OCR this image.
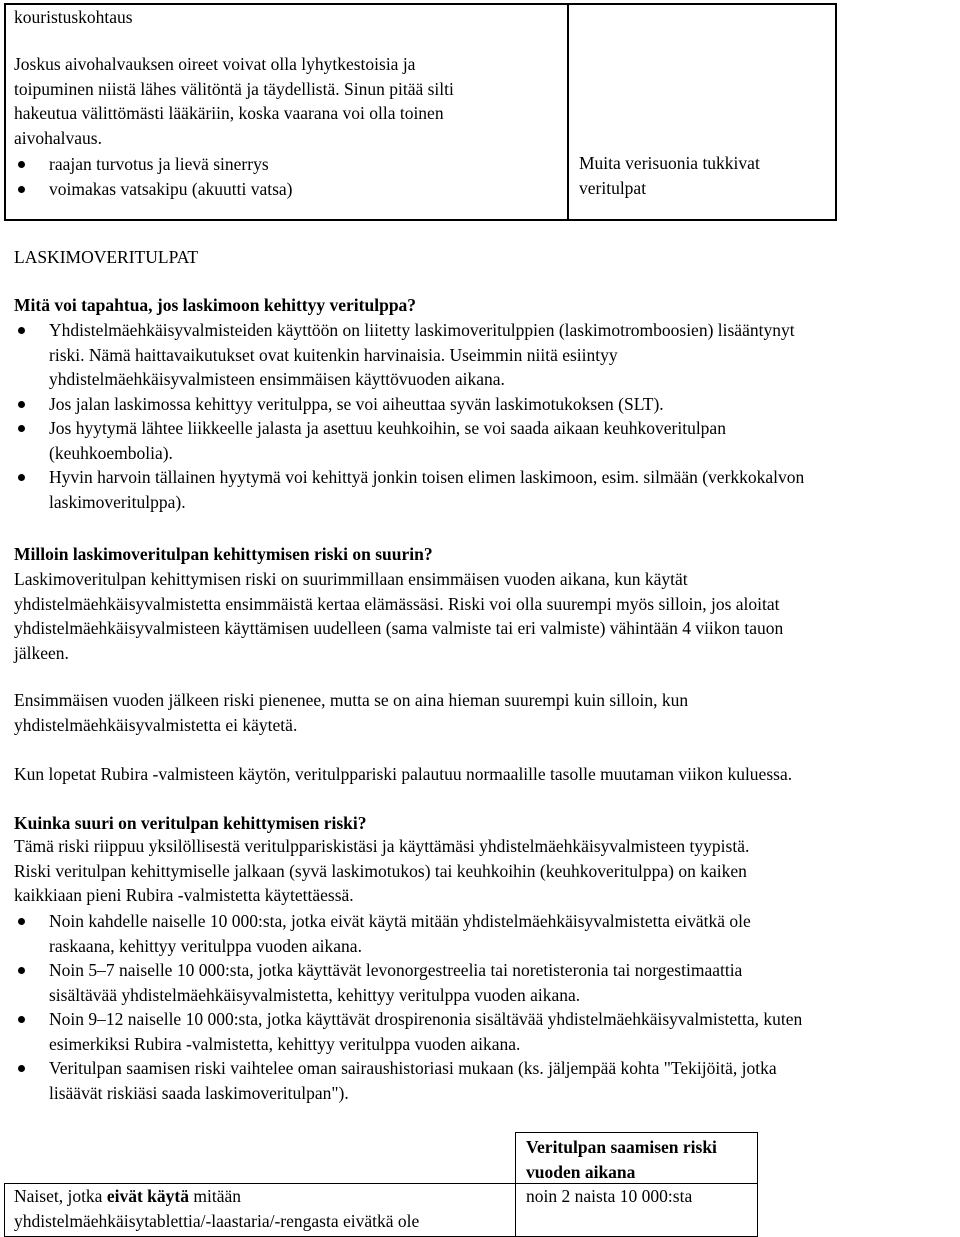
kouristuskohtaus
Joskus aivohalvauksen oireet voivat olla lyhytkestoisia ja
toipuminen niistä lähes välitöntä ja täydellistä. Sinun pitää silti
hakeutua välittömästi lääkäriin, koska vaarana voi olla toinen
aivohalvaus.
raajan turvotus ja lievä sinerrys
voimakas vatsakipu (akuutti vatsa)
Muita verisuonia tukkivat
veritulpat
LASKIMOVERITULPAT
Mitä voi tapahtua, jos laskimoon kehittyy veritulppa?
Yhdistelmäehkäisyvalmisteiden käyttöön on liitetty laskimoveritulppien (laskimotromboosien) lisääntynyt
riski. Nämä haittavaikutukset ovat kuitenkin harvinaisia. Useimmin niitä esiintyy
yhdistelmäehkäisyvalmisteen ensimmäisen käyttövuoden aikana.
Jos jalan laskimossa kehittyy veritulppa, se voi aiheuttaa syvän laskimotukoksen (SLT).
Jos hyytymä lähtee liikkeelle jalasta ja asettuu keuhkoihin, se voi saada aikaan keuhkoveritulpan
(keuhkoembolia).
Hyvin harvoin tällainen hyytymä voi kehittyä jonkin toisen elimen laskimoon, esim. silmään (verkkokalvon
laskimoveritulppa).
Milloin laskimoveritulpan kehittymisen riski on suurin?
Laskimoveritulpan kehittymisen riski on suurimmillaan ensimmäisen vuoden aikana, kun käytät
yhdistelmäehkäisyvalmistetta ensimmäistä kertaa elämässäsi. Riski voi olla suurempi myös silloin, jos aloitat
yhdistelmäehkäisyvalmisteen käyttämisen uudelleen (sama valmiste tai eri valmiste) vähintään 4 viikon tauon
jälkeen.
Ensimmäisen vuoden jälkeen riski pienenee, mutta se on aina hieman suurempi kuin silloin, kun
yhdistelmäehkäisyvalmistetta ei käytetä.
Kun lopetat Rubira -valmisteen käytön, veritulppariski palautuu normaalille tasolle muutaman viikon kuluessa.
Kuinka suuri on veritulpan kehittymisen riski?
Tämä riski riippuu yksilöllisestä veritulppariskistäsi ja käyttämäsi yhdistelmäehkäisyvalmisteen tyypistä.
Riski veritulpan kehittymiselle jalkaan (syvä laskimotukos) tai keuhkoihin (keuhkoveritulppa) on kaiken
kaikkiaan pieni Rubira -valmistetta käytettäessä.
Noin kahdelle naiselle 10 000:sta, jotka eivät käytä mitään yhdistelmäehkäisyvalmistetta eivätkä ole
raskaana, kehittyy veritulppa vuoden aikana.
Noin 5–7 naiselle 10 000:sta, jotka käyttävät levonorgestreelia tai noretisteronia tai norgestimaattia
sisältävää yhdistelmäehkäisyvalmistetta, kehittyy veritulppa vuoden aikana.
Noin 9–12 naiselle 10 000:sta, jotka käyttävät drospirenonia sisältävää yhdistelmäehkäisyvalmistetta, kuten
esimerkiksi Rubira -valmistetta, kehittyy veritulppa vuoden aikana.
Veritulpan saamisen riski vaihtelee oman sairaushistoriasi mukaan (ks. jäljempää kohta "Tekijöitä, jotka
lisäävät riskiäsi saada laskimoveritulpan").
Veritulpan saamisen riski
vuoden aikana
Naiset, jotka eivät käytä mitään
yhdistelmäehkäisytablettia/-laastaria/-rengasta eivätkä ole
noin 2 naista 10 000:sta
